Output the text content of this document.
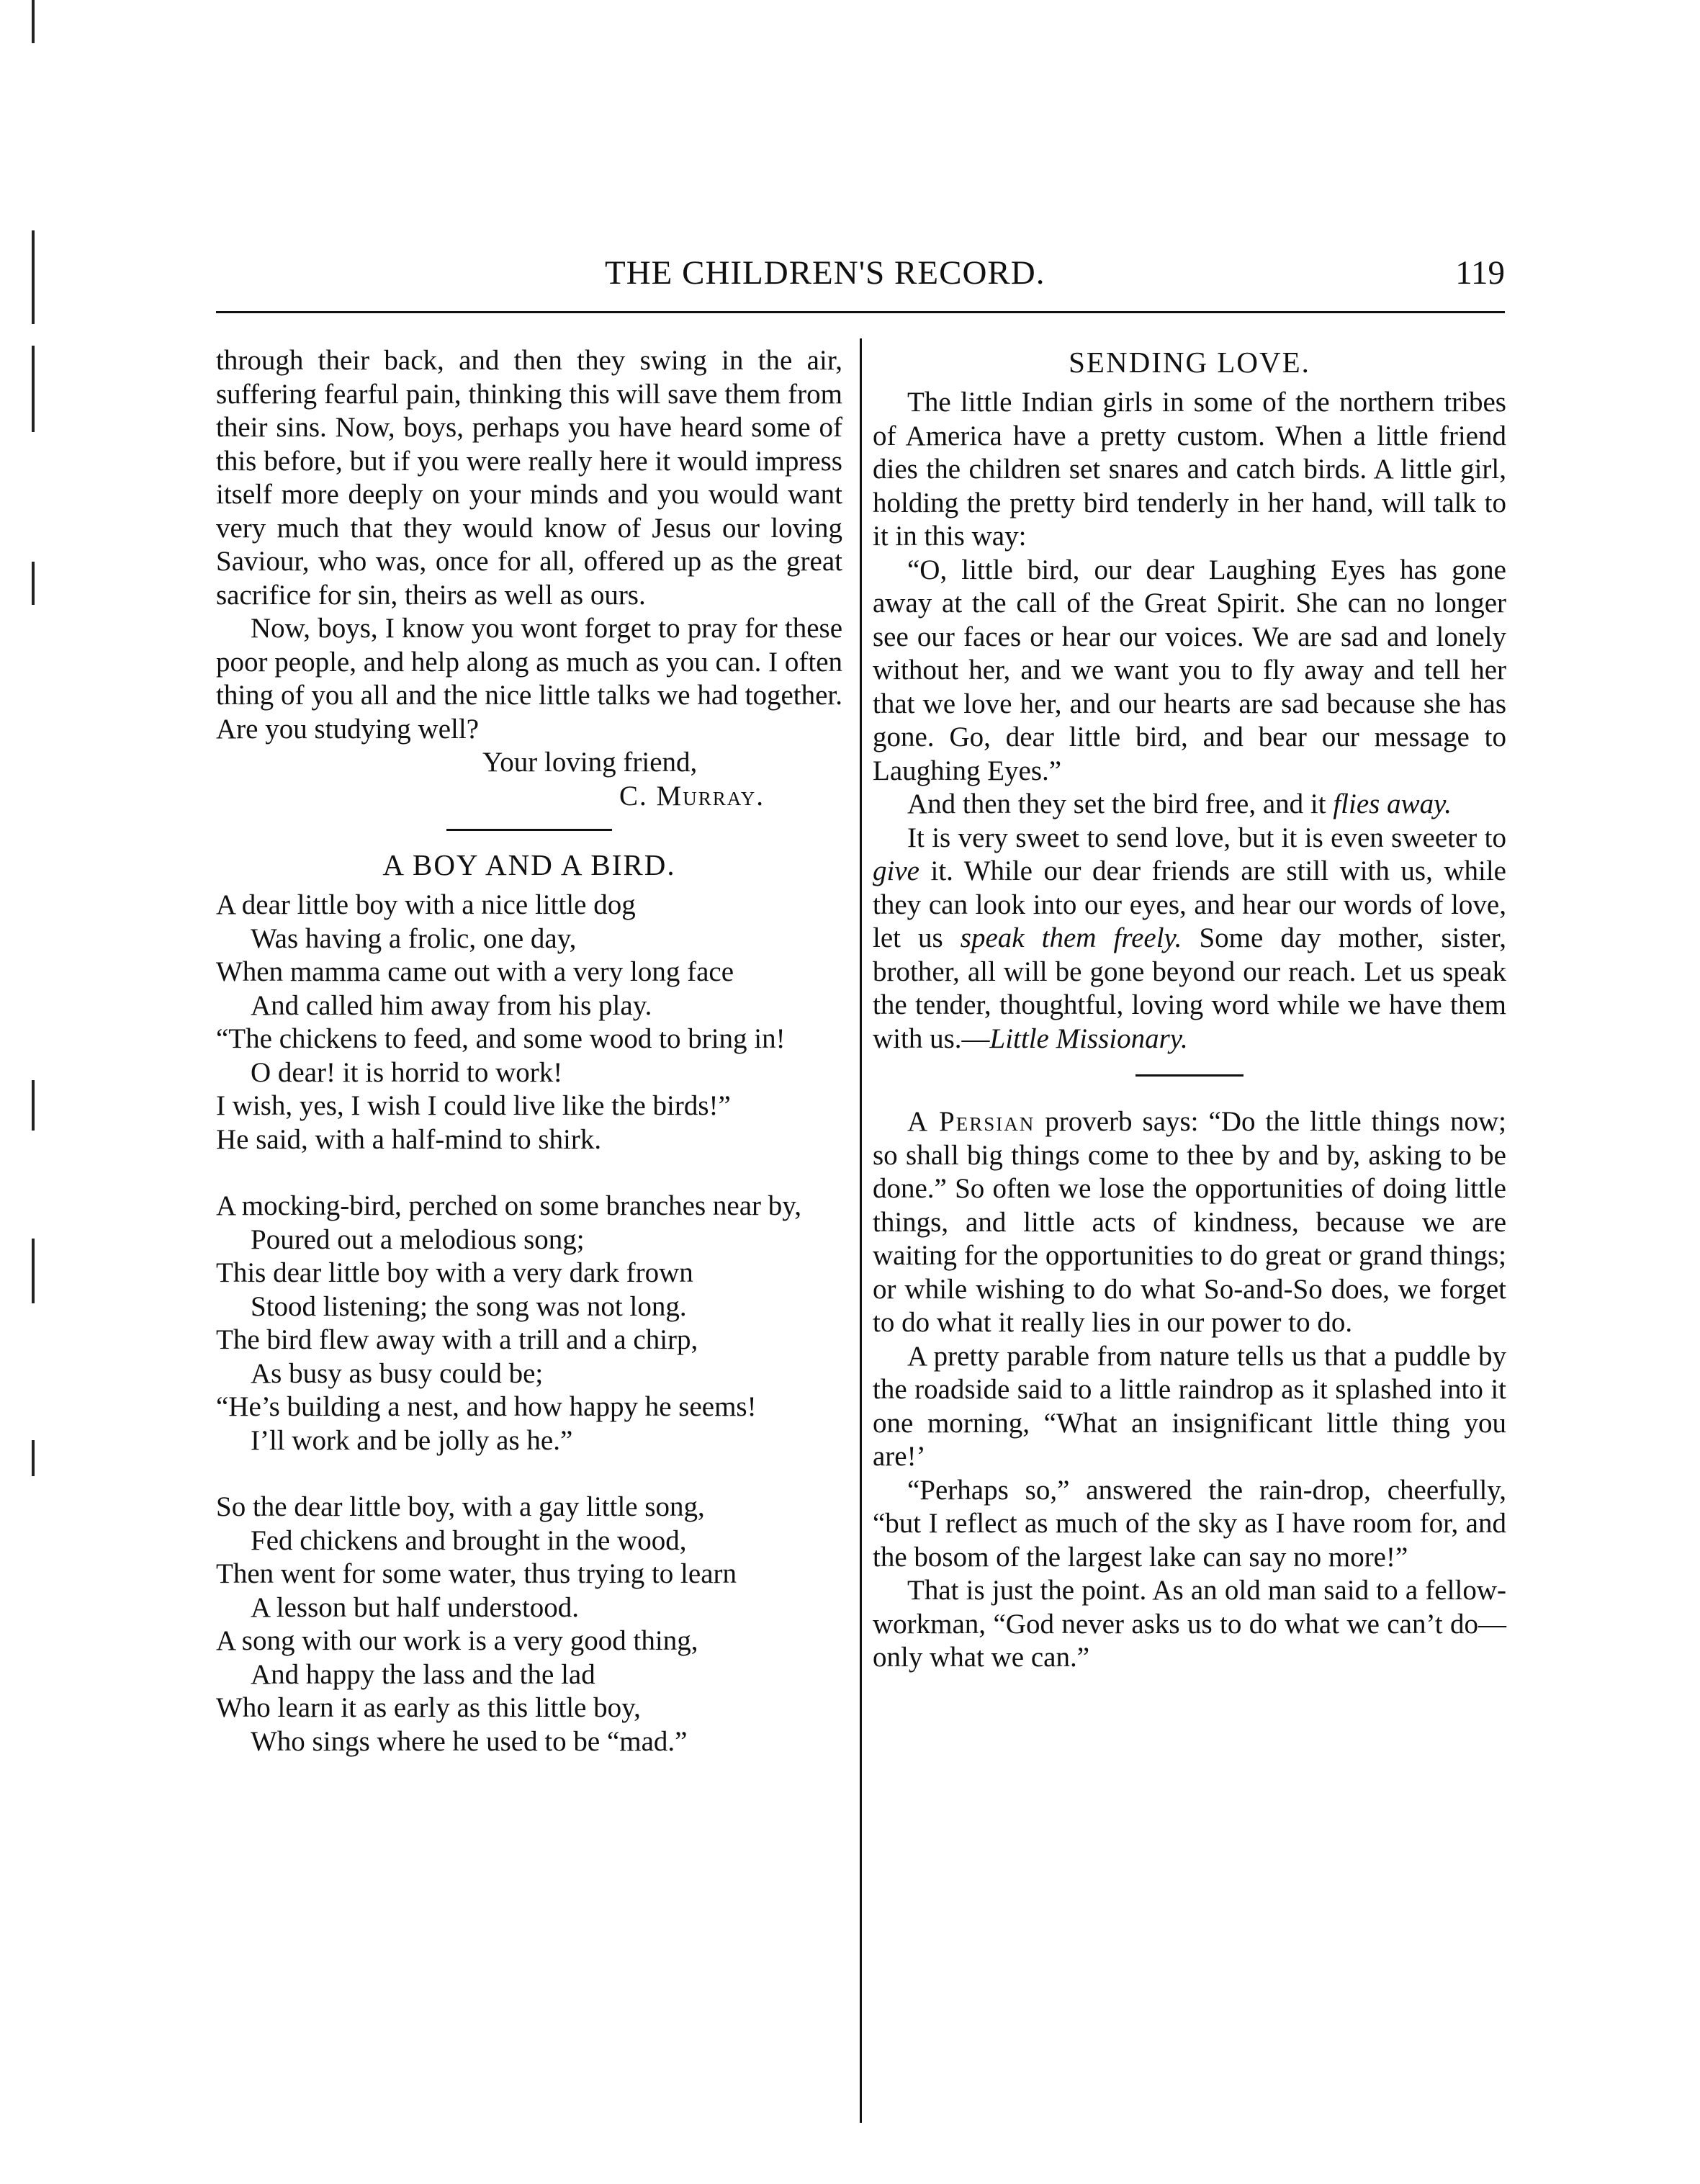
THE CHILDREN'S RECORD.	119

through their back, and then they swing in the air, suffering fearful pain, thinking this will save them from their sins. Now, boys, perhaps you have heard some of this before, but if you were really here it would impress itself more deeply on your minds and you would want very much that they would know of Jesus our loving Saviour, who was, once for all, offered up as the great sacrifice for sin, theirs as well as ours.

Now, boys, I know you wont forget to pray for these poor people, and help along as much as you can. I often thing of you all and the nice little talks we had together. Are you studying well?

Your loving friend,
C. Murray.
A BOY AND A BIRD.
A dear little boy with a nice little dog
Was having a frolic, one day,
When mamma came out with a very long face
And called him away from his play.
“The chickens to feed, and some wood to bring in!
O dear! it is horrid to work!
I wish, yes, I wish I could live like the birds!”
He said, with a half-mind to shirk.
A mocking-bird, perched on some branches near by,
Poured out a melodious song;
This dear little boy with a very dark frown
Stood listening; the song was not long.
The bird flew away with a trill and a chirp,
As busy as busy could be;
“He’s building a nest, and how happy he seems!
I’ll work and be jolly as he.”
So the dear little boy, with a gay little song,
Fed chickens and brought in the wood,
Then went for some water, thus trying to learn
A lesson but half understood.
A song with our work is a very good thing,
And happy the lass and the lad
Who learn it as early as this little boy,
Who sings where he used to be “mad.”
SENDING LOVE.

The little Indian girls in some of the northern tribes of America have a pretty custom. When a little friend dies the children set snares and catch birds. A little girl, holding the pretty bird tenderly in her hand, will talk to it in this way:

“O, little bird, our dear Laughing Eyes has gone away at the call of the Great Spirit. She can no longer see our faces or hear our voices. We are sad and lonely without her, and we want you to fly away and tell her that we love her, and our hearts are sad because she has gone. Go, dear little bird, and bear our message to Laughing Eyes.”

And then they set the bird free, and it flies away.

It is very sweet to send love, but it is even sweeter to give it. While our dear friends are still with us, while they can look into our eyes, and hear our words of love, let us speak them freely. Some day mother, sister, brother, all will be gone beyond our reach. Let us speak the tender, thoughtful, loving word while we have them with us.—Little Missionary.

A Persian proverb says: “Do the little things now; so shall big things come to thee by and by, asking to be done.” So often we lose the opportunities of doing little things, and little acts of kindness, because we are waiting for the opportunities to do great or grand things; or while wishing to do what So-and-So does, we forget to do what it really lies in our power to do.

A pretty parable from nature tells us that a puddle by the roadside said to a little raindrop as it splashed into it one morning, “What an insignificant little thing you are!’

“Perhaps so,” answered the rain-drop, cheerfully, “but I reflect as much of the sky as I have room for, and the bosom of the largest lake can say no more!”

That is just the point. As an old man said to a fellow-workman, “God never asks us to do what we can’t do—only what we can.”
